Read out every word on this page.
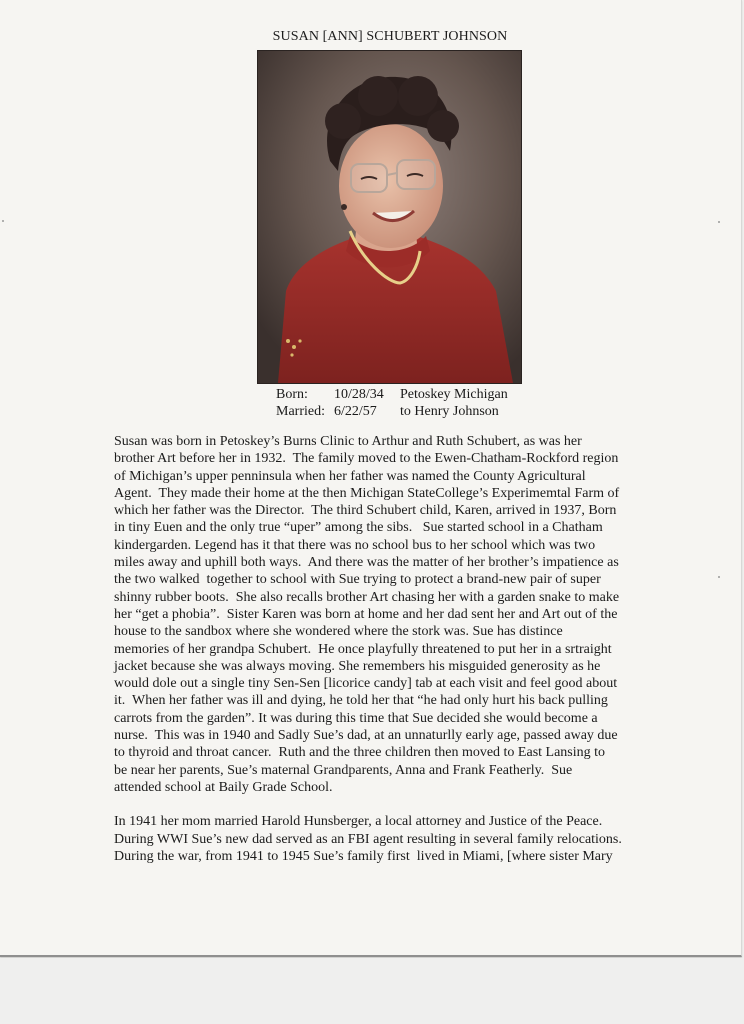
SUSAN [ANN] SCHUBERT JOHNSON
Born:	10/28/34	Petoskey Michigan
Married: 6/22/57	to Henry Johnson

Susan was born in Petoskey’s Burns Clinic to Arthur and Ruth Schubert, as was her
brother Art before her in 1932.  The family moved to the Ewen-Chatham-Rockford region
of Michigan’s upper penninsula when her father was named the County Agricultural
Agent.  They made their home at the then Michigan StateCollege’s Experimemtal Farm of
which her father was the Director.  The third Schubert child, Karen, arrived in 1937, Born
in tiny Euen and the only true “uper” among the sibs.   Sue started school in a Chatham
kindergarden. Legend has it that there was no school bus to her school which was two
miles away and uphill both ways.  And there was the matter of her brother’s impatience as
the two walked  together to school with Sue trying to protect a brand-new pair of super
shinny rubber boots.  She also recalls brother Art chasing her with a garden snake to make
her “get a phobia”.  Sister Karen was born at home and her dad sent her and Art out of the
house to the sandbox where she wondered where the stork was. Sue has distince
memories of her grandpa Schubert.  He once playfully threatened to put her in a srtraight
jacket because she was always moving. She remembers his misguided generosity as he
would dole out a single tiny Sen-Sen [licorice candy] tab at each visit and feel good about
it.  When her father was ill and dying, he told her that “he had only hurt his back pulling
carrots from the garden”. It was during this time that Sue decided she would become a
nurse.  This was in 1940 and Sadly Sue’s dad, at an unnaturlly early age, passed away due
to thyroid and throat cancer.  Ruth and the three children then moved to East Lansing to
be near her parents, Sue’s maternal Grandparents, Anna and Frank Featherly.  Sue
attended school at Baily Grade School.

In 1941 her mom married Harold Hunsberger, a local attorney and Justice of the Peace.
During WWI Sue’s new dad served as an FBI agent resulting in several family relocations.
During the war, from 1941 to 1945 Sue’s family first  lived in Miami, [where sister Mary
